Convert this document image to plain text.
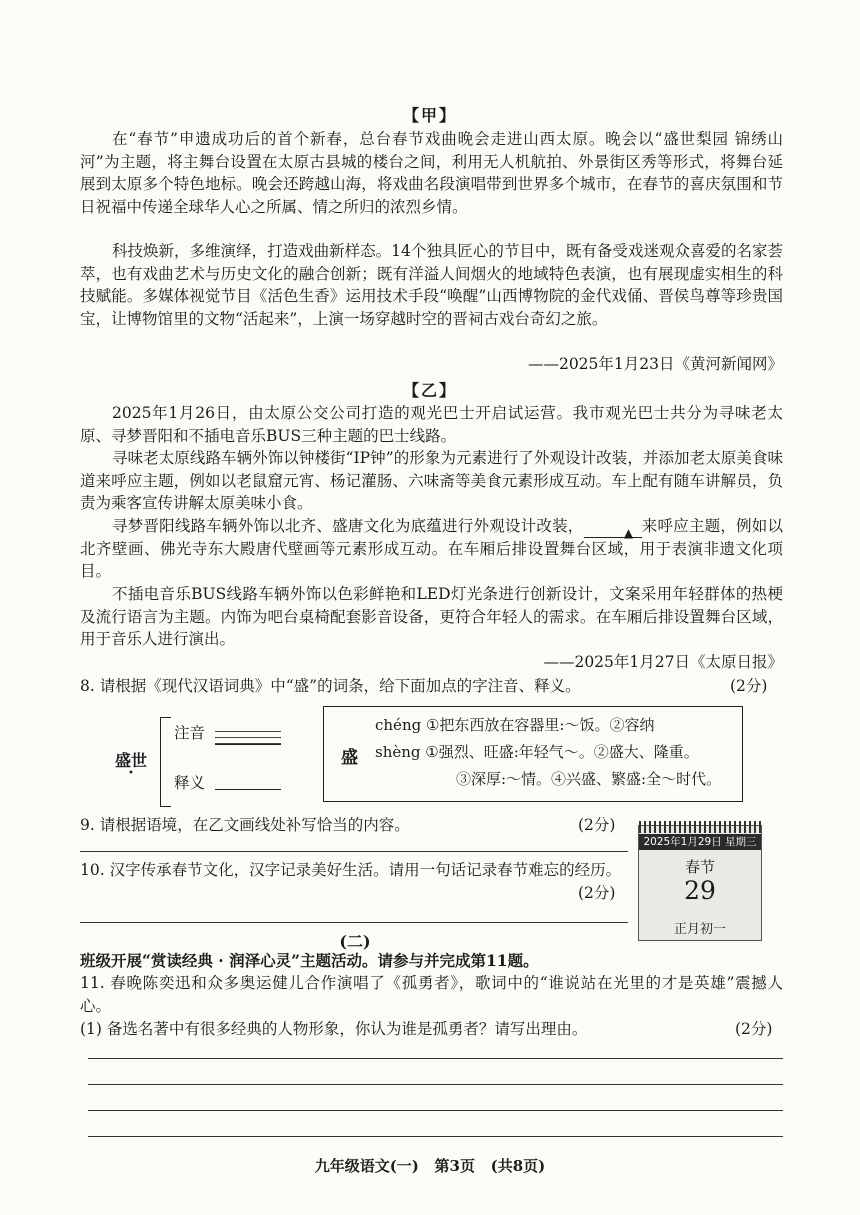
【甲】

在“春节”申遗成功后的首个新春，总台春节戏曲晚会走进山西太原。晚会以“盛世梨园 锦绣山河”为主题，将主舞台设置在太原古县城的楼台之间，利用无人机航拍、外景街区秀等形式，将舞台延展到太原多个特色地标。晚会还跨越山海，将戏曲名段演唱带到世界多个城市，在春节的喜庆氛围和节日祝福中传递全球华人心之所属、情之所归的浓烈乡情。

科技焕新，多维演绎，打造戏曲新样态。14个独具匠心的节目中，既有备受戏迷观众喜爱的名家荟萃，也有戏曲艺术与历史文化的融合创新；既有洋溢人间烟火的地域特色表演，也有展现虚实相生的科技赋能。多媒体视觉节目《活色生香》运用技术手段“唤醒”山西博物院的金代戏俑、晋侯鸟尊等珍贵国宝，让博物馆里的文物“活起来”，上演一场穿越时空的晋祠古戏台奇幻之旅。

——2025年1月23日《黄河新闻网》
【乙】

2025年1月26日，由太原公交公司打造的观光巴士开启试运营。我市观光巴士共分为寻味老太原、寻梦晋阳和不插电音乐BUS三种主题的巴士线路。

寻味老太原线路车辆外饰以钟楼街“IP钟”的形象为元素进行了外观设计改装，并添加老太原美食味道来呼应主题，例如以老鼠窟元宵、杨记灌肠、六味斋等美食元素形成互动。车上配有随车讲解员，负责为乘客宣传讲解太原美味小食。

寻梦晋阳线路车辆外饰以北齐、盛唐文化为底蕴进行外观设计改装，	▲ 来呼应主题，例如以北齐壁画、佛光寺东大殿唐代壁画等元素形成互动。在车厢后排设置舞台区域，用于表演非遗文化项目。

不插电音乐BUS线路车辆外饰以色彩鲜艳和LED灯光条进行创新设计，文案采用年轻群体的热梗及流行语言为主题。内饰为吧台桌椅配套影音设备，更符合年轻人的需求。在车厢后排设置舞台区域，用于音乐人进行演出。

——2025年1月27日《太原日报》
8. 请根据《现代汉语词典》中“盛”的词条，给下面加点的字注音、释义。	(2分)
盛世
•
注音
释义
盛
chéng ①把东西放在容器里:～饭。②容纳
shèng ①强烈、旺盛:年轻气～。②盛大、隆重。
③深厚:～情。④兴盛、繁盛:全～时代。
9. 请根据语境，在乙文画线处补写恰当的内容。	(2分)
10. 汉字传承春节文化，汉字记录美好生活。请用一句话记录春节难忘的经历。
(2分)
2025年1月29日 星期三
春节
29
正月初一
(二)
班级开展“赏读经典 · 润泽心灵”主题活动。请参与并完成第11题。

11. 春晚陈奕迅和众多奥运健儿合作演唱了《孤勇者》，歌词中的“谁说站在光里的才是英雄”震撼人心。

(1) 备选名著中有很多经典的人物形象，你认为谁是孤勇者？请写出理由。	(2分)
九年级语文(一)   第3页   (共8页)
